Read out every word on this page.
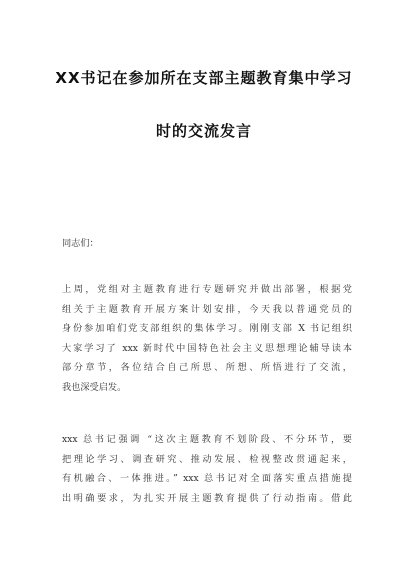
XX书记在参加所在支部主题教育集中学习
时的交流发言

同志们：

上周，党组对主题教育进行专题研究并做出部署，根据党
组关于主题教育开展方案计划安排，今天我以普通党员的
身份参加咱们党支部组织的集体学习。刚刚支部 X 书记组织
大家学习了 xxx 新时代中国特色社会主义思想理论辅导读本
部分章节，各位结合自己所思、所想、所悟进行了交流，
我也深受启发。

xxx 总书记强调 “这次主题教育不划阶段、不分环节，要
把理论学习、调查研究、推动发展、检视整改贯通起来，
有机融合、一体推进。” xxx 总书记对全面落实重点措施提
出明确要求，为扎实开展主题教育提供了行动指南。借此
